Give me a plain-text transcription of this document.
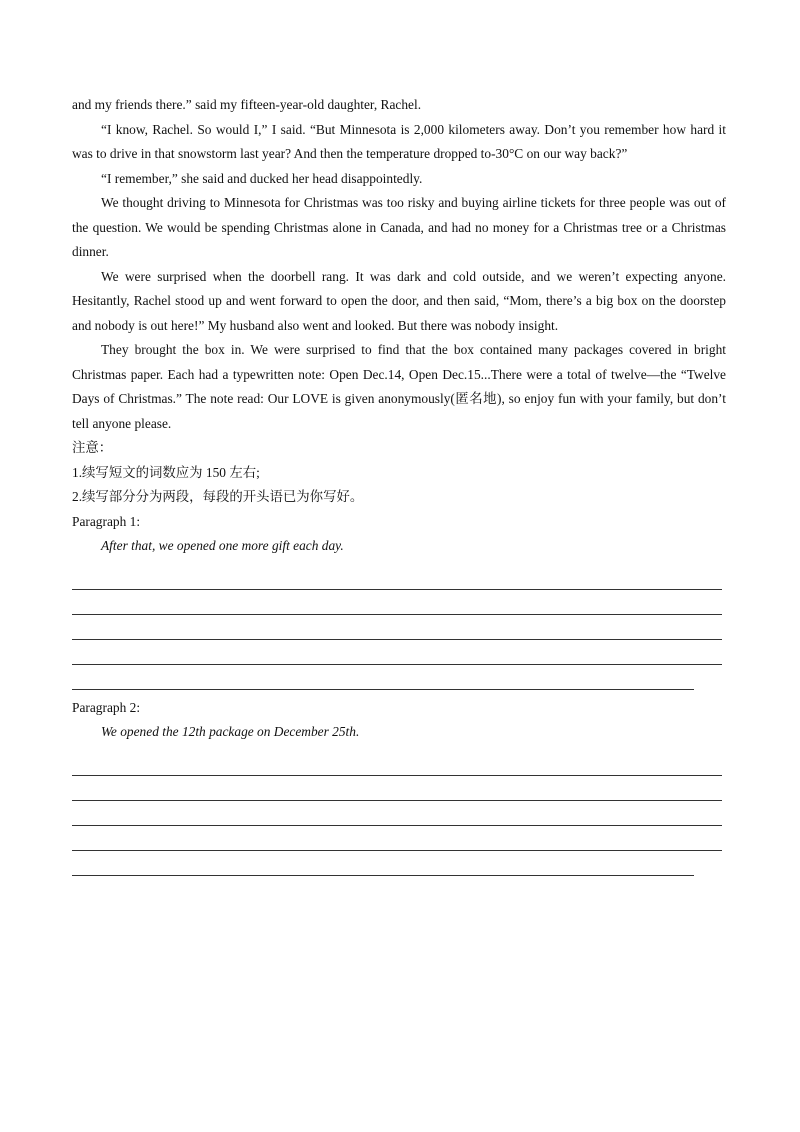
and my friends there.” said my fifteen-year-old daughter, Rachel.

“I know, Rachel. So would I,” I said. “But Minnesota is 2,000 kilometers away. Don’t you remember how hard it was to drive in that snowstorm last year? And then the temperature dropped to-30°C on our way back?”

“I remember,” she said and ducked her head disappointedly.

We thought driving to Minnesota for Christmas was too risky and buying airline tickets for three people was out of the question. We would be spending Christmas alone in Canada, and had no money for a Christmas tree or a Christmas dinner.

We were surprised when the doorbell rang. It was dark and cold outside, and we weren’t expecting anyone. Hesitantly, Rachel stood up and went forward to open the door, and then said, “Mom, there’s a big box on the doorstep and nobody is out here!” My husband also went and looked. But there was nobody insight.

They brought the box in. We were surprised to find that the box contained many packages covered in bright Christmas paper. Each had a typewritten note: Open Dec.14, Open Dec.15...There were a total of twelve—the “Twelve Days of Christmas.” The note read: Our LOVE is given anonymously(匿名地), so enjoy fun with your family, but don’t tell anyone please.

注意：

1.续写短文的词数应为 150 左右;

2.续写部分分为两段，每段的开头语已为你写好。

Paragraph 1:

After that, we opened one more gift each day.

Paragraph 2:

We opened the 12th package on December 25th.
